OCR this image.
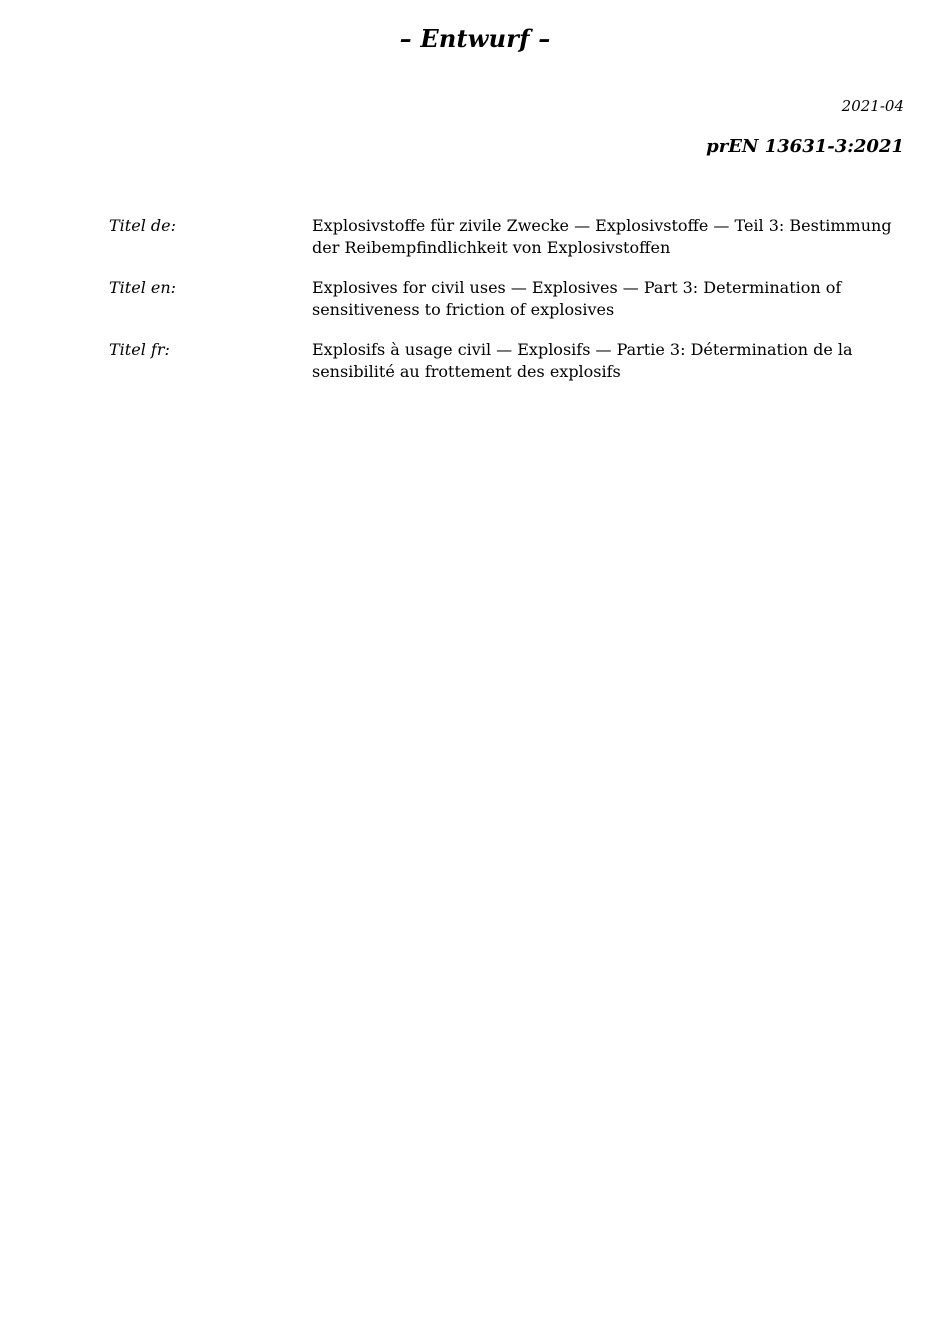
– Entwurf –
2021-04
prEN 13631-3:2021
Titel de:	Explosivstoffe für zivile Zwecke — Explosivstoffe — Teil 3: Bestimmung der Reibempfindlichkeit von Explosivstoffen
Titel en:	Explosives for civil uses — Explosives — Part 3: Determination of sensitiveness to friction of explosives
Titel fr:	Explosifs à usage civil — Explosifs — Partie 3: Détermination de la sensibilité au frottement des explosifs
